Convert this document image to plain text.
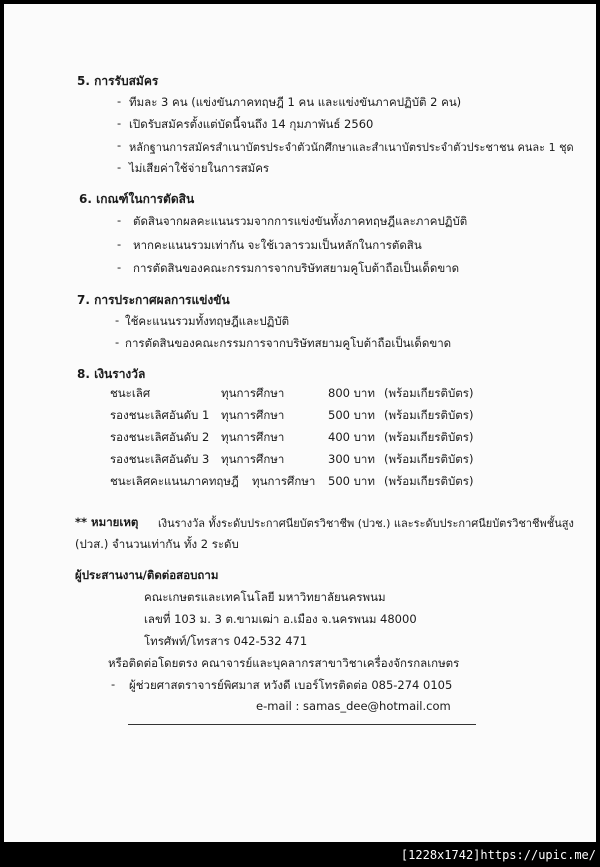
5. การรับสมัคร
- ทีมละ 3 คน (แข่งขันภาคทฤษฎี 1 คน และแข่งขันภาคปฏิบัติ 2 คน)
- เปิดรับสมัครตั้งแต่บัดนี้จนถึง 14 กุมภาพันธ์ 2560
- หลักฐานการสมัครสำเนาบัตรประจำตัวนักศึกษาและสำเนาบัตรประจำตัวประชาชน คนละ 1 ชุด
- ไม่เสียค่าใช้จ่ายในการสมัคร
6. เกณฑ์ในการตัดสิน
- ตัดสินจากผลคะแนนรวมจากการแข่งขันทั้งภาคทฤษฎีและภาคปฏิบัติ
- หากคะแนนรวมเท่ากัน จะใช้เวลารวมเป็นหลักในการตัดสิน
- การตัดสินของคณะกรรมการจากบริษัทสยามคูโบต้าถือเป็นเด็ดขาด
7. การประกาศผลการแข่งขัน
- ใช้คะแนนรวมทั้งทฤษฎีและปฏิบัติ
- การตัดสินของคณะกรรมการจากบริษัทสยามคูโบต้าถือเป็นเด็ดขาด
8. เงินรางวัล
ชนะเลิศ	ทุนการศึกษา	800 บาท (พร้อมเกียรติบัตร)
รองชนะเลิศอันดับ 1 ทุนการศึกษา	500 บาท (พร้อมเกียรติบัตร)
รองชนะเลิศอันดับ 2 ทุนการศึกษา	400 บาท (พร้อมเกียรติบัตร)
รองชนะเลิศอันดับ 3 ทุนการศึกษา	300 บาท (พร้อมเกียรติบัตร)
ชนะเลิศคะแนนภาคทฤษฎี ทุนการศึกษา 500 บาท (พร้อมเกียรติบัตร)
** หมายเหตุ เงินรางวัล ทั้งระดับประกาศนียบัตรวิชาชีพ (ปวช.) และระดับประกาศนียบัตรวิชาชีพชั้นสูง
(ปวส.) จำนวนเท่ากัน ทั้ง 2 ระดับ
ผู้ประสานงาน/ติดต่อสอบถาม
คณะเกษตรและเทคโนโลยี มหาวิทยาลัยนครพนม
เลขที่ 103 ม. 3 ต.ขามเฒ่า อ.เมือง จ.นครพนม 48000
โทรศัพท์/โทรสาร 042-532 471
หรือติดต่อโดยตรง คณาจารย์และบุคลากรสาขาวิชาเครื่องจักรกลเกษตร
- ผู้ช่วยศาสตราจารย์พิศมาส หวังดี เบอร์โทรติดต่อ 085-274 0105
e-mail : samas_dee@hotmail.com
[1228x1742]https://upic.me/
